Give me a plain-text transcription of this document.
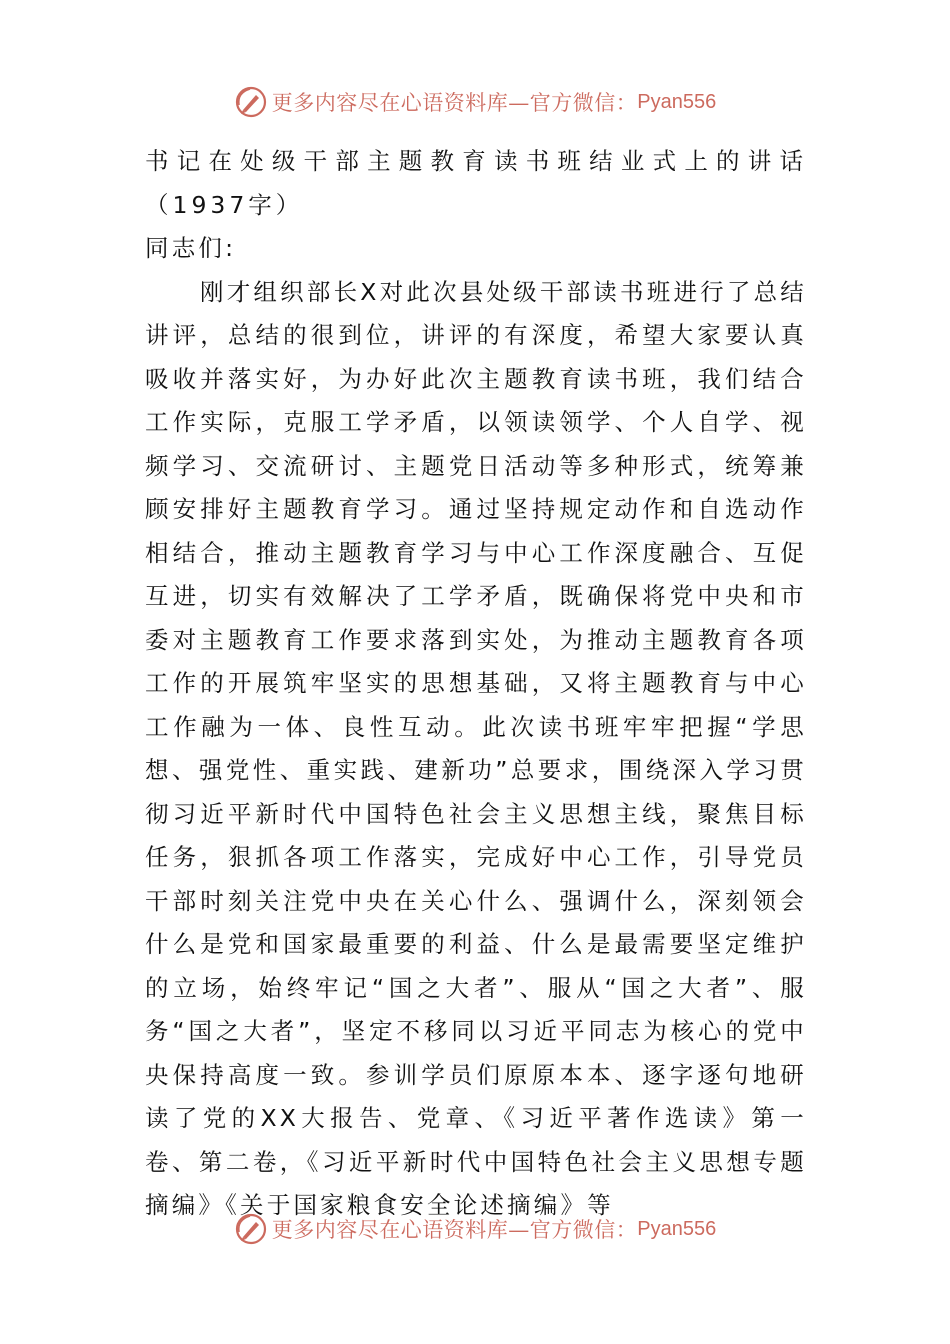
更多内容尽在心语资料库—官方微信： Pyan556

书记在处级干部主题教育读书班结业式上的讲话（1937字）

同志们:

刚才组织部长X对此次县处级干部读书班进行了总结讲评，总结的很到位，讲评的有深度，希望大家要认真吸收并落实好，为办好此次主题教育读书班，我们结合工作实际，克服工学矛盾，以领读领学、个人自学、视频学习、交流研讨、主题党日活动等多种形式，统筹兼顾安排好主题教育学习。通过坚持规定动作和自选动作相结合，推动主题教育学习与中心工作深度融合、互促互进，切实有效解决了工学矛盾，既确保将党中央和市委对主题教育工作要求落到实处，为推动主题教育各项工作的开展筑牢坚实的思想基础，又将主题教育与中心工作融为一体、良性互动。此次读书班牢牢把握“学思想、强党性、重实践、建新功”总要求，围绕深入学习贯彻习近平新时代中国特色社会主义思想主线，聚焦目标任务，狠抓各项工作落实，完成好中心工作，引导党员干部时刻关注党中央在关心什么、强调什么，深刻领会什么是党和国家最重要的利益、什么是最需要坚定维护的立场，始终牢记“国之大者”、服从“国之大者”、服务“国之大者”，坚定不移同以习近平同志为核心的党中央保持高度一致。参训学员们原原本本、逐字逐句地研读了党的XX大报告、党章、《习近平著作选读》第一卷、第二卷，《习近平新时代中国特色社会主义思想专题摘编》《关于国家粮食安全论述摘编》等

更多内容尽在心语资料库—官方微信： Pyan556
